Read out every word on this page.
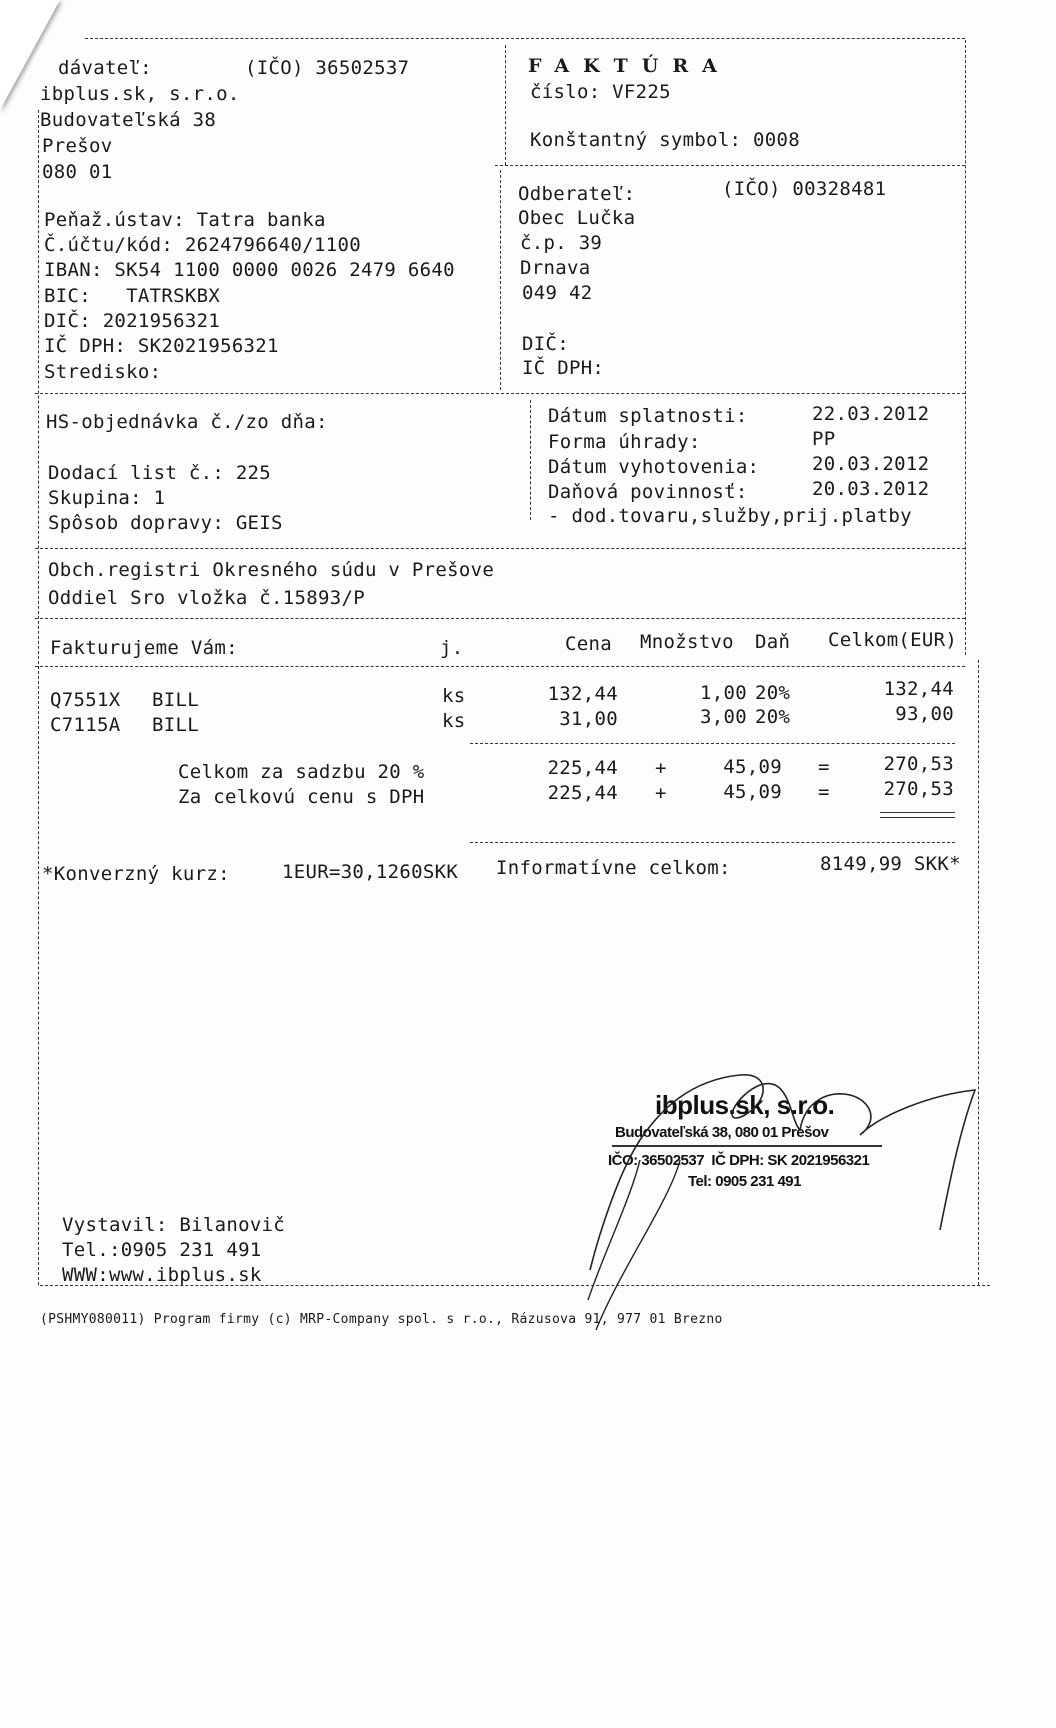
dávateľ:	(IČO) 36502537
ibplus.sk, s.r.o.
Budovateľská 38
Prešov
080 01
Peňaž.ústav: Tatra banka
Č.účtu/kód: 2624796640/1100
IBAN: SK54 1100 0000 0026 2479 6640
BIC:   TATRSKBX
DIČ: 2021956321
IČ DPH: SK2021956321
Stredisko:
FAKTÚRA
číslo: VF225
Konštantný symbol: 0008
Odberateľ:	(IČO) 00328481
Obec Lučka
č.p. 39
Drnava
049 42
DIČ:
IČ DPH:
HS-objednávka č./zo dňa:
Dodací list č.: 225
Skupina: 1
Spôsob dopravy: GEIS
Dátum splatnosti:	22.03.2012
Forma úhrady:	PP
Dátum vyhotovenia:	20.03.2012
Daňová povinnosť:	20.03.2012
- dod.tovaru,služby,prij.platby
Obch.registri Okresného súdu v Prešove
Oddiel Sro vložka č.15893/P
Fakturujeme Vám:	j.	Cena Množstvo Daň Celkom(EUR)
Q7551X BILL	ks	132,44	1,00 20%	132,44
C7115A BILL	ks	31,00	3,00 20%	93,00
Celkom za sadzbu 20 %	225,44 +	45,09 =	270,53
Za celkovú cenu s DPH	225,44 +	45,09 =	270,53
*Konverzný kurz:	1EUR=30,1260SKK Informatívne celkom:	8149,99 SKK*
ibplus.sk, s.r.o.
Budovateľská 38, 080 01 Prešov
IČO: 36502537  IČ DPH: SK 2021956321
Tel: 0905 231 491
Vystavil: Bilanovič
Tel.:0905 231 491
WWW:www.ibplus.sk
(PSHMY080011) Program firmy (c) MRP-Company spol. s r.o., Rázusova 91, 977 01 Brezno
